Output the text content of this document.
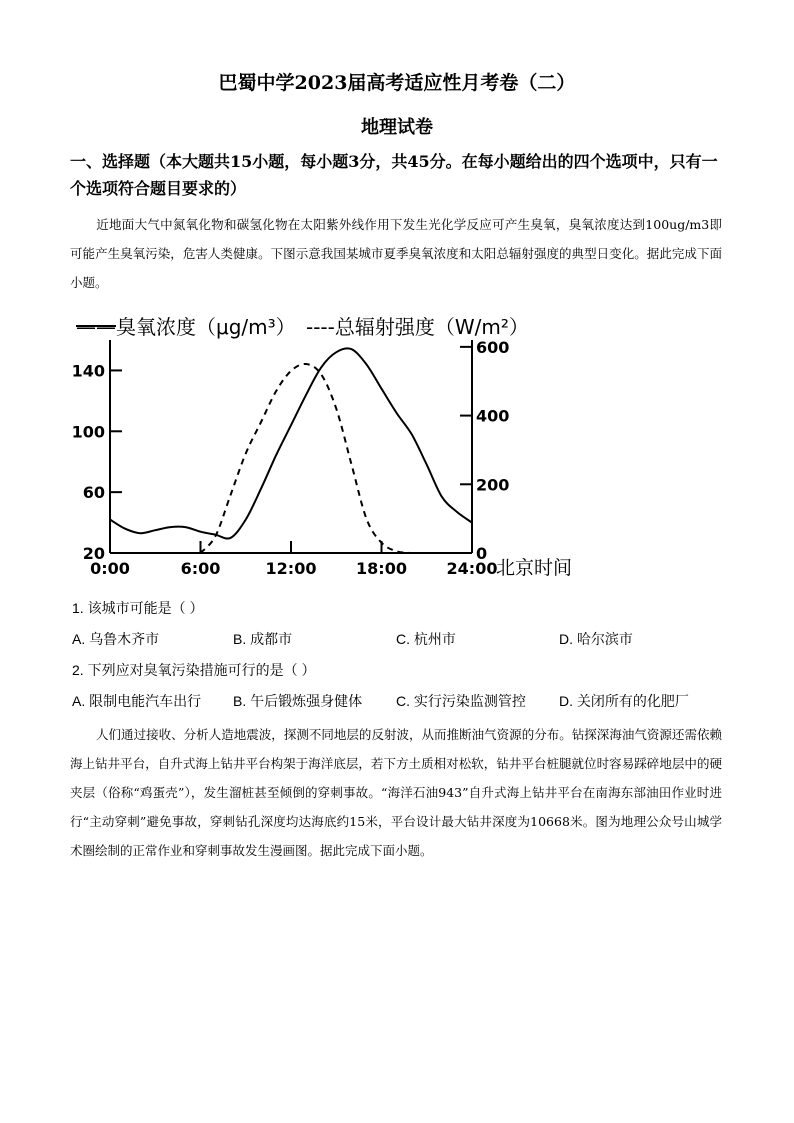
巴蜀中学2023届高考适应性月考卷（二）
地理试卷
一、选择题（本大题共15小题，每小题3分，共45分。在每小题给出的四个选项中，只有一个选项符合题目要求的）
近地面大气中氮氧化物和碳氢化物在太阳紫外线作用下发生光化学反应可产生臭氧，臭氧浓度达到100ug/m3即可能产生臭氧污染，危害人类健康。下图示意我国某城市夏季臭氧浓度和太阳总辐射强度的典型日变化。据此完成下面小题。
——臭氧浓度（μg/m³） ----总辐射强度（W/m²）
0:00	6:00	12:00 18:00 24:00
北京时间
20
60
100
140
0
200
400
600
1. 该城市可能是（ ）
A. 乌鲁木齐市	B. 成都市	C. 杭州市	D. 哈尔滨市
2. 下列应对臭氧污染措施可行的是（ ）
A. 限制电能汽车出行 B. 午后锻炼强身健体 C. 实行污染监测管控 D. 关闭所有的化肥厂
人们通过接收、分析人造地震波，探测不同地层的反射波，从而推断油气资源的分布。钻探深海油气资源还需依赖海上钻井平台，自升式海上钻井平台构架于海洋底层，若下方土质相对松软，钻井平台桩腿就位时容易踩碎地层中的硬夹层（俗称“鸡蛋壳”），发生溜桩甚至倾倒的穿刺事故。“海洋石油943”自升式海上钻井平台在南海东部油田作业时进行“主动穿刺”避免事故，穿刺钻孔深度均达海底约15米，平台设计最大钻井深度为10668米。图为地理公众号山城学术圈绘制的正常作业和穿刺事故发生漫画图。据此完成下面小题。
